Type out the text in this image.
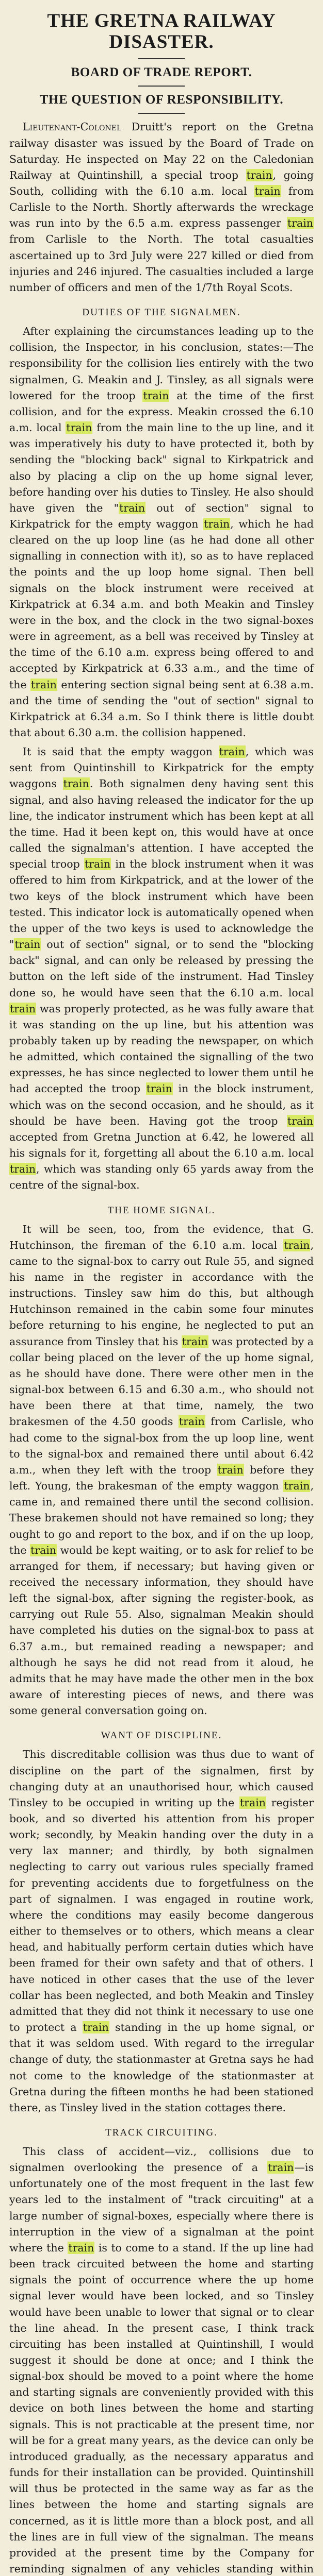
THE GRETNA RAILWAY DISASTER.
BOARD OF TRADE REPORT.
THE QUESTION OF RESPONSIBILITY.

Lieutenant-Colonel Druitt's report on the Gretna railway disaster was issued by the Board of Trade on Saturday. He inspected on May 22 on the Caledonian Railway at Quintinshill, a special troop train, going South, colliding with the 6.10 a.m. local train from Carlisle to the North. Shortly afterwards the wreckage was run into by the 6.5 a.m. express passenger train from Carlisle to the North. The total casualties ascertained up to 3rd July were 227 killed or died from injuries and 246 injured. The casualties included a large number of officers and men of the 1/7th Royal Scots.

DUTIES OF THE SIGNALMEN.

After explaining the circumstances leading up to the collision, the Inspector, in his conclusion, states:—The responsibility for the collision lies entirely with the two signalmen, G. Meakin and J. Tinsley, as all signals were lowered for the troop train at the time of the first collision, and for the express. Meakin crossed the 6.10 a.m. local train from the main line to the up line, and it was imperatively his duty to have protected it, both by sending the "blocking back" signal to Kirkpatrick and also by placing a clip on the up home signal lever, before handing over his duties to Tinsley. He also should have given the "train out of section" signal to Kirkpatrick for the empty waggon train, which he had cleared on the up loop line (as he had done all other signalling in connection with it), so as to have replaced the points and the up loop home signal. Then bell signals on the block instrument were received at Kirkpatrick at 6.34 a.m. and both Meakin and Tinsley were in the box, and the clock in the two signal-boxes were in agreement, as a bell was received by Tinsley at the time of the 6.10 a.m. express being offered to and accepted by Kirkpatrick at 6.33 a.m., and the time of the train entering section signal being sent at 6.38 a.m. and the time of sending the "out of section" signal to Kirkpatrick at 6.34 a.m. So I think there is little doubt that about 6.30 a.m. the collision happened.

It is said that the empty waggon train, which was sent from Quintinshill to Kirkpatrick for the empty waggons train. Both signalmen deny having sent this signal, and also having released the indicator for the up line, the indicator instrument which has been kept at all the time. Had it been kept on, this would have at once called the signalman's attention. I have accepted the special troop train in the block instrument when it was offered to him from Kirkpatrick, and at the lower of the two keys of the block instrument which have been tested. This indicator lock is automatically opened when the upper of the two keys is used to acknowledge the "train out of section" signal, or to send the "blocking back" signal, and can only be released by pressing the button on the left side of the instrument. Had Tinsley done so, he would have seen that the 6.10 a.m. local train was properly protected, as he was fully aware that it was standing on the up line, but his attention was probably taken up by reading the newspaper, on which he admitted, which contained the signalling of the two expresses, he has since neglected to lower them until he had accepted the troop train in the block instrument, which was on the second occasion, and he should, as it should be have been. Having got the troop train accepted from Gretna Junction at 6.42, he lowered all his signals for it, forgetting all about the 6.10 a.m. local train, which was standing only 65 yards away from the centre of the signal-box.

THE HOME SIGNAL.

It will be seen, too, from the evidence, that G. Hutchinson, the fireman of the 6.10 a.m. local train, came to the signal-box to carry out Rule 55, and signed his name in the register in accordance with the instructions. Tinsley saw him do this, but although Hutchinson remained in the cabin some four minutes before returning to his engine, he neglected to put an assurance from Tinsley that his train was protected by a collar being placed on the lever of the up home signal, as he should have done. There were other men in the signal-box between 6.15 and 6.30 a.m., who should not have been there at that time, namely, the two brakesmen of the 4.50 goods train from Carlisle, who had come to the signal-box from the up loop line, went to the signal-box and remained there until about 6.42 a.m., when they left with the troop train before they left. Young, the brakesman of the empty waggon train, came in, and remained there until the second collision. These brakemen should not have remained so long; they ought to go and report to the box, and if on the up loop, the train would be kept waiting, or to ask for relief to be arranged for them, if necessary; but having given or received the necessary information, they should have left the signal-box, after signing the register-book, as carrying out Rule 55. Also, signalman Meakin should have completed his duties on the signal-box to pass at 6.37 a.m., but remained reading a newspaper; and although he says he did not read from it aloud, he admits that he may have made the other men in the box aware of interesting pieces of news, and there was some general conversation going on.

WANT OF DISCIPLINE.

This discreditable collision was thus due to want of discipline on the part of the signalmen, first by changing duty at an unauthorised hour, which caused Tinsley to be occupied in writing up the train register book, and so diverted his attention from his proper work; secondly, by Meakin handing over the duty in a very lax manner; and thirdly, by both signalmen neglecting to carry out various rules specially framed for preventing accidents due to forgetfulness on the part of signalmen. I was engaged in routine work, where the conditions may easily become dangerous either to themselves or to others, which means a clear head, and habitually perform certain duties which have been framed for their own safety and that of others. I have noticed in other cases that the use of the lever collar has been neglected, and both Meakin and Tinsley admitted that they did not think it necessary to use one to protect a train standing in the up home signal, or that it was seldom used. With regard to the irregular change of duty, the stationmaster at Gretna says he had not come to the knowledge of the stationmaster at Gretna during the fifteen months he had been stationed there, as Tinsley lived in the station cottages there.

TRACK CIRCUITING.

This class of accident—viz., collisions due to signalmen overlooking the presence of a train—is unfortunately one of the most frequent in the last few years led to the instalment of "track circuiting" at a large number of signal-boxes, especially where there is interruption in the view of a signalman at the point where the train is to come to a stand. If the up line had been track circuited between the home and starting signals the point of occurrence where the up home signal lever would have been locked, and so Tinsley would have been unable to lower that signal or to clear the line ahead. In the present case, I think track circuiting has been installed at Quintinshill, I would suggest it should be done at once; and I think the signal-box should be moved to a point where the home and starting signals are conveniently provided with this device on both lines between the home and starting signals. This is not practicable at the present time, nor will be for a great many years, as the device can only be introduced gradually, as the necessary apparatus and funds for their installation can be provided. Quintinshill will thus be protected in the same way as far as the lines between the home and starting signals are concerned, as it is little more than a block post, and all the lines are in full view of the signalman. The means provided at the present time by the Company for reminding signalmen of any vehicles standing within
